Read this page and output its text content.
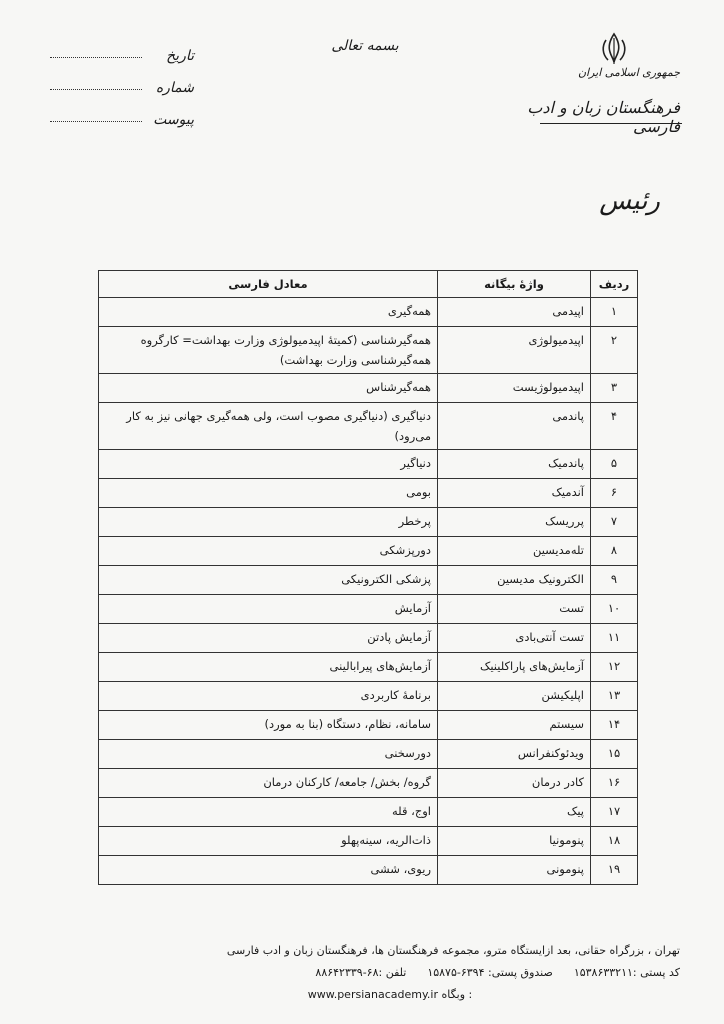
جمهوری اسلامی ایران
فرهنگستان زبان و ادب فارسی
بسمه تعالی
تاریخ
شماره
پیوست
رئیس
ردیف	واژهٔ بیگانه	معادل فارسی
۱	اپیدمی	همه‌گیری
۲	اپیدمیولوژی	همه‌گیرشناسی (کمیتهٔ اپیدمیولوژی وزارت بهداشت= کارگروه همه‌گیرشناسی وزارت بهداشت)
۳	اپیدمیولوژیست	همه‌گیرشناس
۴	پاندمی	دنیاگیری (دنیاگیری مصوب است، ولی همه‌گیری جهانی نیز به کار می‌رود)
۵	پاندمیک	دنیاگیر
۶	آندمیک	بومی
۷	پرریسک	پرخطر
۸	تله‌مدیسین	دورپزشکی
۹	الکترونیک مدیسین	پزشکی الکترونیکی
۱۰	تست	آزمایش
۱۱	تست آنتی‌بادی	آزمایش پادتن
۱۲	آزمایش‌های پاراکلینیک	آزمایش‌های پیرابالینی
۱۳	اپلیکیشن	برنامهٔ کاربردی
۱۴	سیستم	سامانه، نظام، دستگاه (بنا به مورد)
۱۵	ویدئوکنفرانس	دورسخنی
۱۶	کادر درمان	گروه/ بخش/ جامعه/ کارکنان درمان
۱۷	پیک	اوج، قله
۱۸	پنومونیا	ذات‌الریه، سینه‌پهلو
۱۹	پنومونی	ریوی، ششی
تهران ، بزرگراه حقانی، بعد ازایستگاه مترو، مجموعه فرهنگستان ها، فرهنگستان زبان و ادب فارسی
کد پستی :۱۵۳۸۶۳۳۲۱۱      صندوق پستی: ۶۳۹۴-۱۵۸۷۵      تلفن :۶۸-۸۸۶۴۲۳۳۹
www.persianacademy.ir وبگاه :
